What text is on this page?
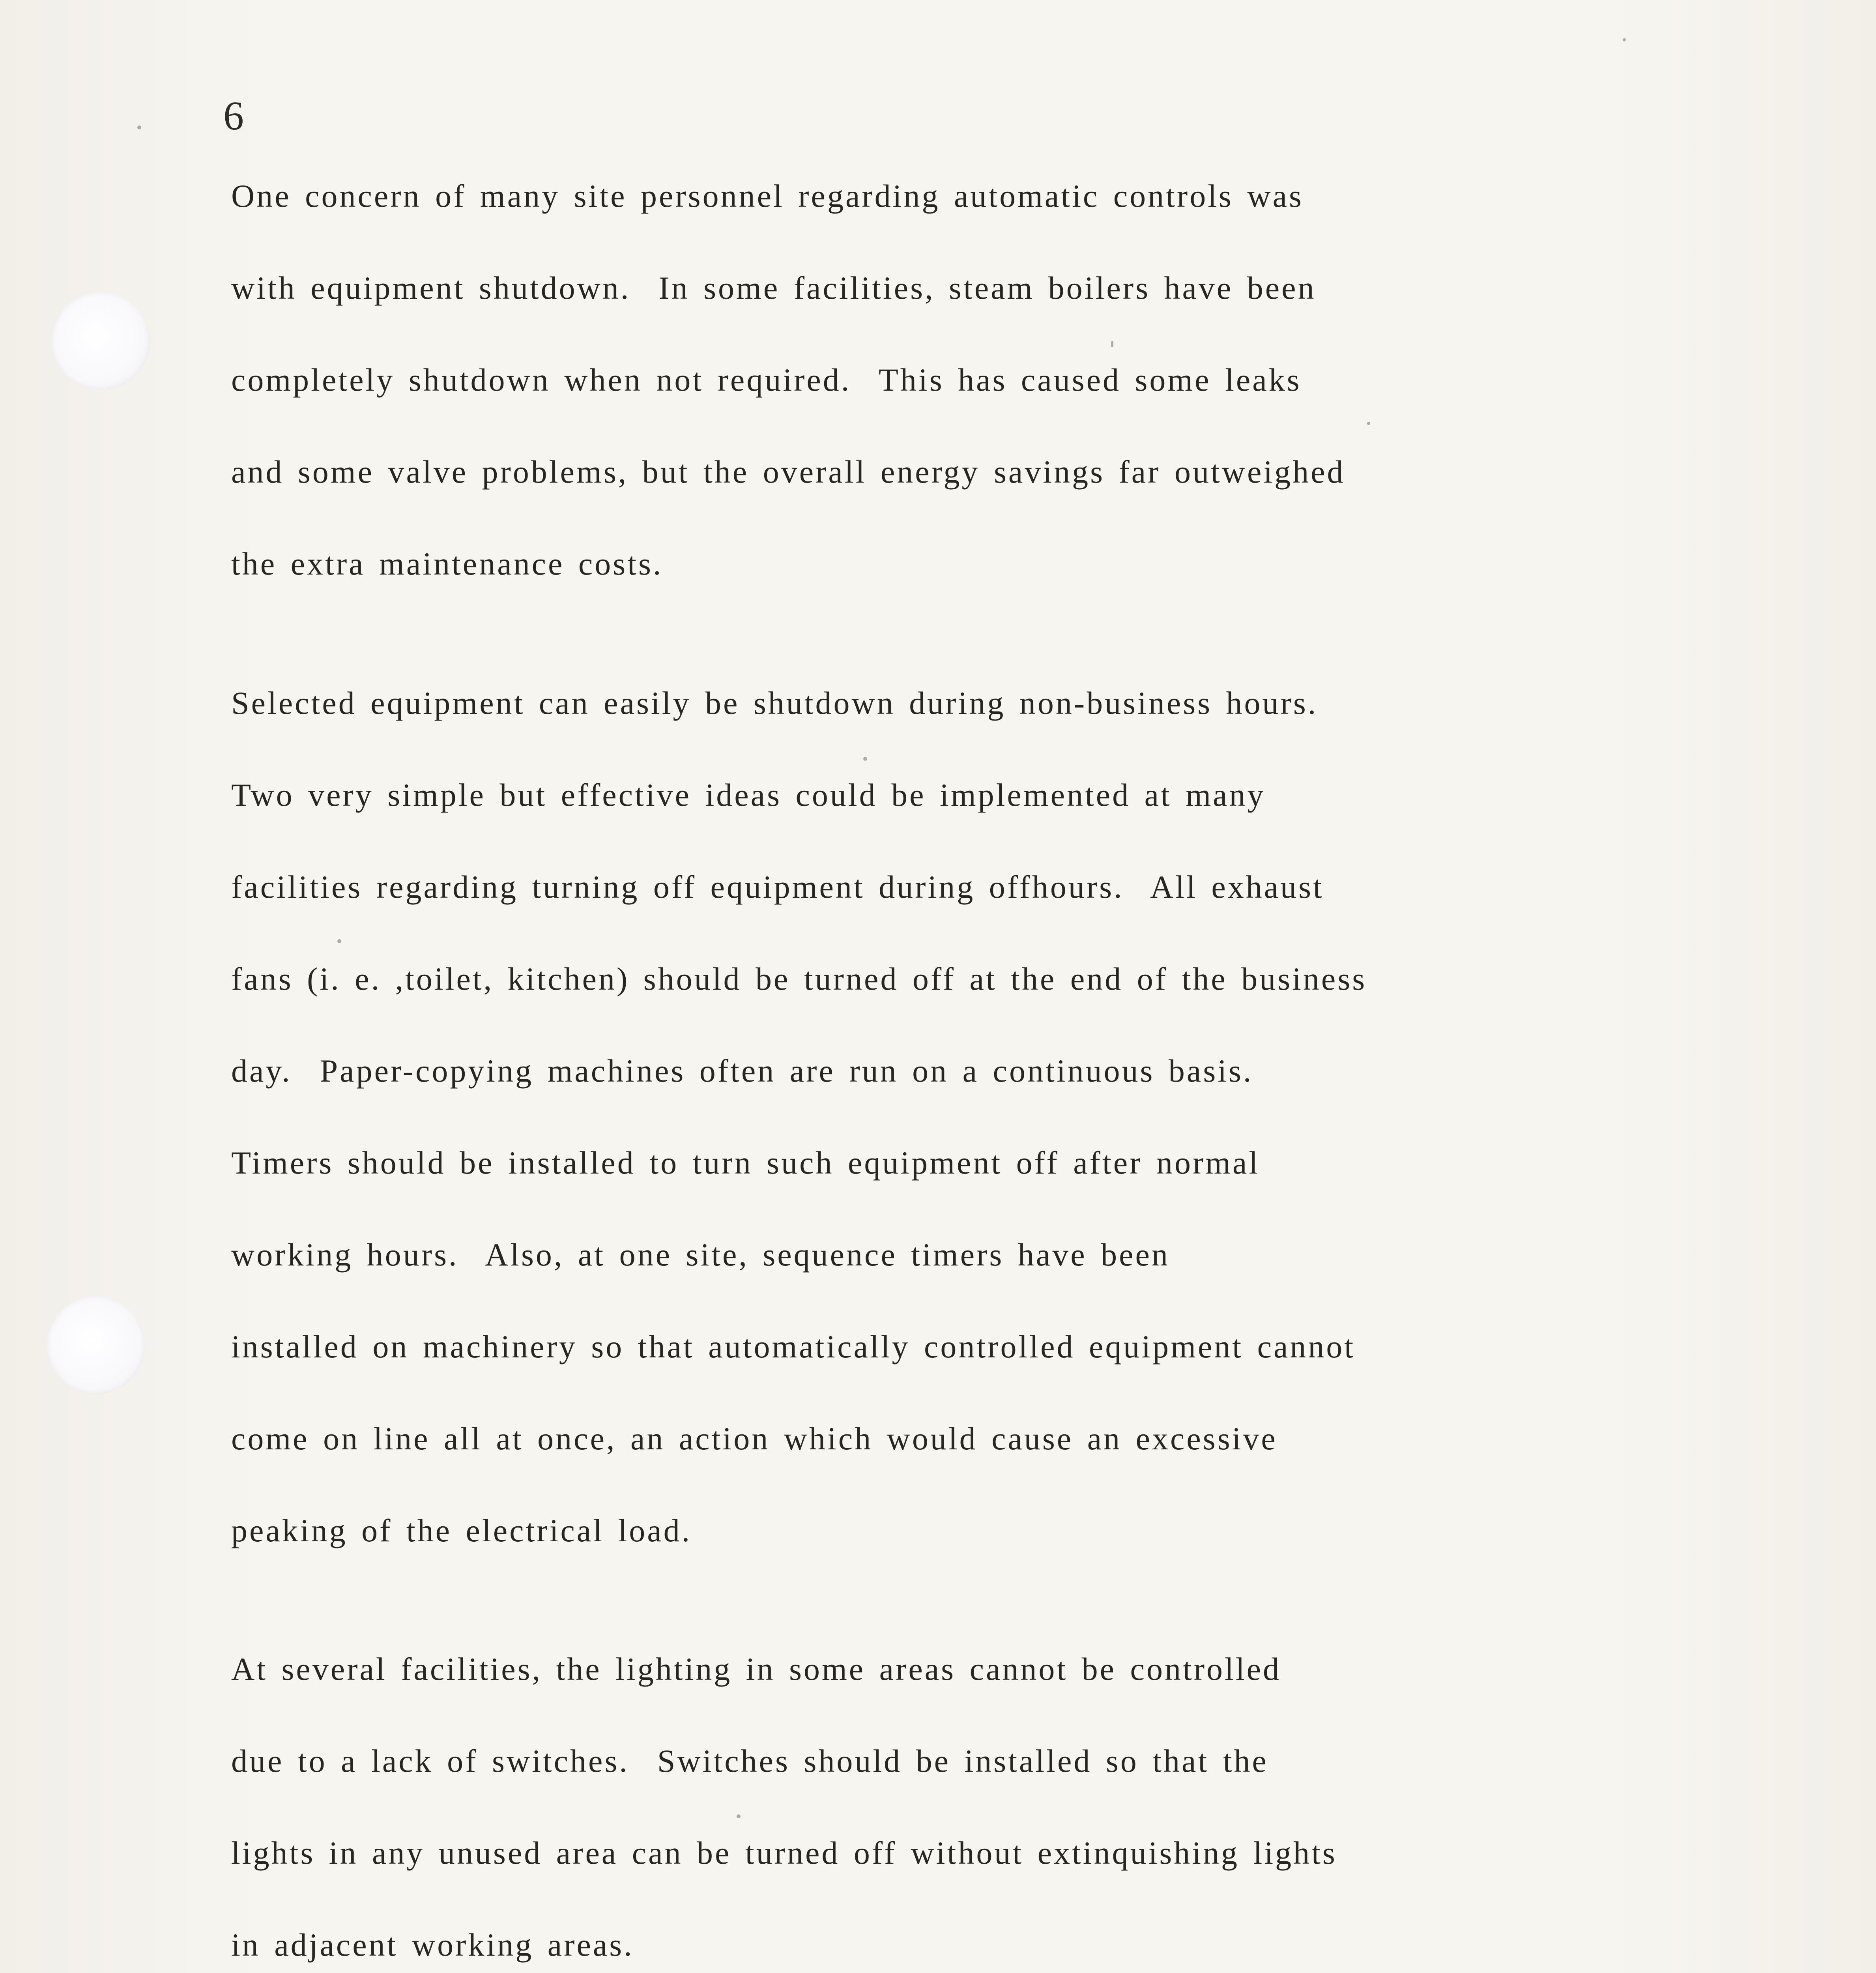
6
One concern of many site personnel regarding automatic controls was
with equipment shutdown.  In some facilities, steam boilers have been
completely shutdown when not required.  This has caused some leaks
and some valve problems, but the overall energy savings far outweighed
the extra maintenance costs.
Selected equipment can easily be shutdown during non-business hours.
Two very simple but effective ideas could be implemented at many
facilities regarding turning off equipment during offhours.  All exhaust
fans (i. e. ,toilet, kitchen) should be turned off at the end of the business
day.  Paper-copying machines often are run on a continuous basis.
Timers should be installed to turn such equipment off after normal
working hours.  Also, at one site, sequence timers have been
installed on machinery so that automatically controlled equipment cannot
come on line all at once, an action which would cause an excessive
peaking of the electrical load.
At several facilities, the lighting in some areas cannot be controlled
due to a lack of switches.  Switches should be installed so that the
lights in any unused area can be turned off without extinquishing lights
in adjacent working areas.
